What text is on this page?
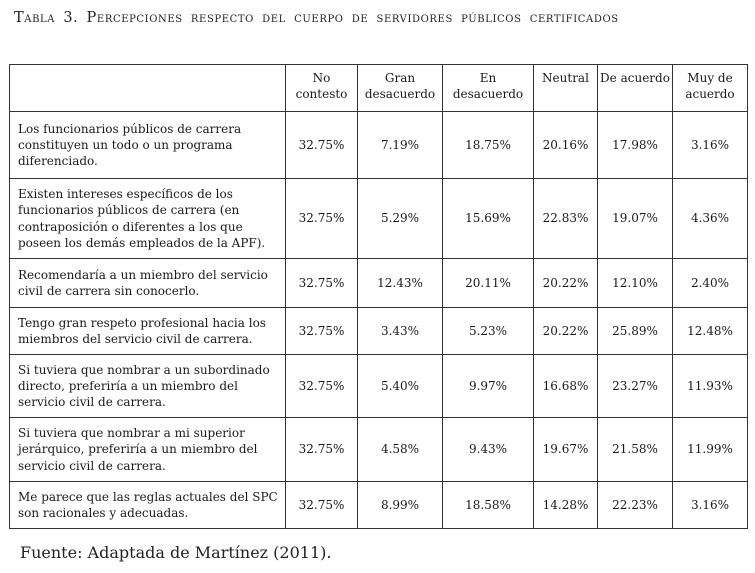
Tabla 3. Percepciones respecto del cuerpo de servidores públicos certificados
	No contesto	Gran desacuerdo	En desacuerdo	Neutral	De acuerdo	Muy de acuerdo
Los funcionarios públicos de carrera constituyen un todo o un programa diferenciado.	32.75%	7.19%	18.75%	20.16%	17.98%	3.16%
Existen intereses específicos de los funcionarios públicos de carrera (en contraposición o diferentes a los que poseen los demás empleados de la APF).	32.75%	5.29%	15.69%	22.83%	19.07%	4.36%
Recomendaría a un miembro del servicio civil de carrera sin conocerlo.	32.75%	12.43%	20.11%	20.22%	12.10%	2.40%
Tengo gran respeto profesional hacia los miembros del servicio civil de carrera.	32.75%	3.43%	5.23%	20.22%	25.89%	12.48%
Si tuviera que nombrar a un subordinado directo, preferiría a un miembro del servicio civil de carrera.	32.75%	5.40%	9.97%	16.68%	23.27%	11.93%
Si tuviera que nombrar a mi superior jerárquico, preferiría a un miembro del servicio civil de carrera.	32.75%	4.58%	9.43%	19.67%	21.58%	11.99%
Me parece que las reglas actuales del SPC son racionales y adecuadas.	32.75%	8.99%	18.58%	14.28%	22.23%	3.16%
Fuente: Adaptada de Martínez (2011).
